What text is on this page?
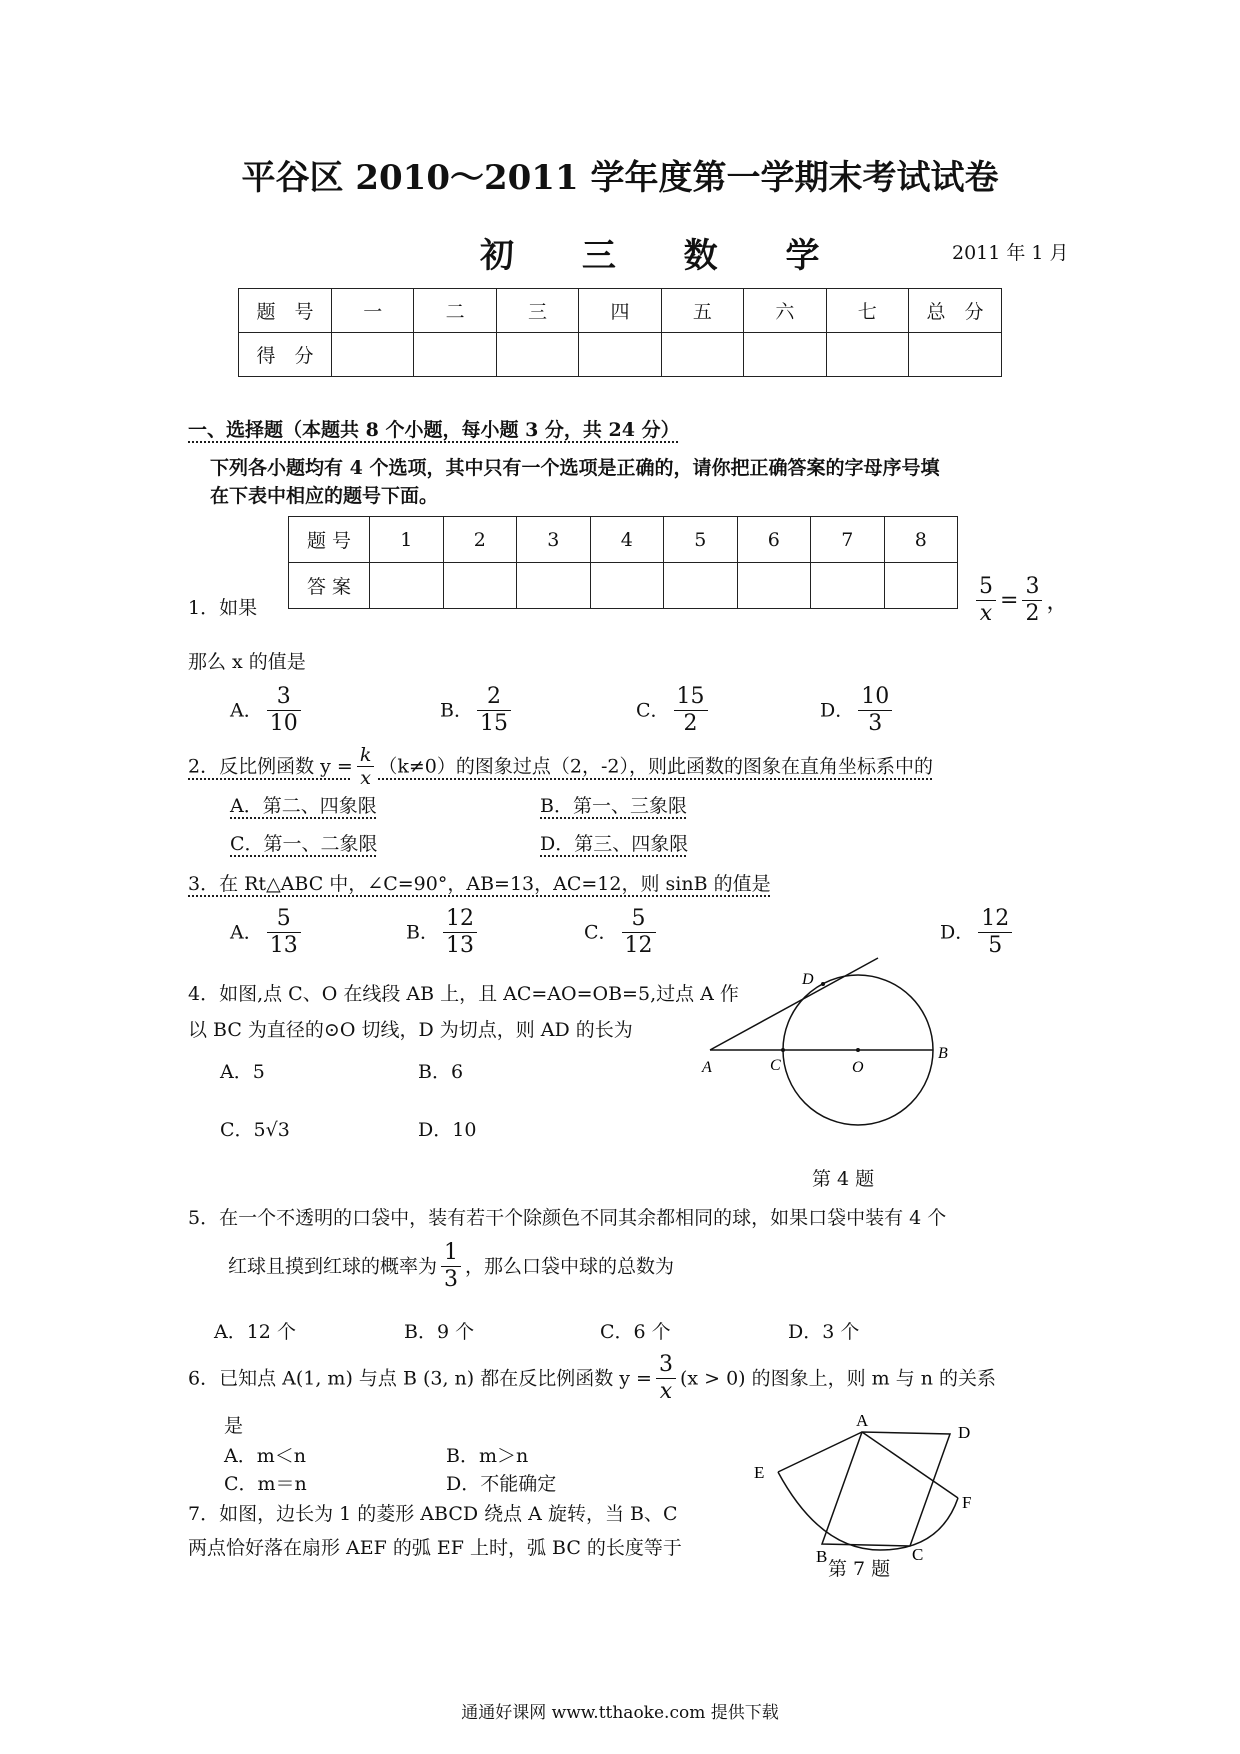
平谷区 2010～2011 学年度第一学期末考试试卷
初 三 数 学	2011 年 1 月
题　号	一	二	三	四	五	六	七	总　分
得　分								
一、选择题（本题共 8 个小题，每小题 3 分，共 24 分）
下列各小题均有 4 个选项，其中只有一个选项是正确的，请你把正确答案的字母序号填
在下表中相应的题号下面。
题 号	1	2	3	4	5	6	7	8
答 案								
1．如果	$\frac{5}{x} = \frac{3}{2}$ ，
那么 x 的值是
A． $\frac{3}{10}$	B． $\frac{2}{15}$	C． $\frac{15}{2}$	D． $\frac{10}{3}$
2．反比例函数 $y = \frac{k}{x} (k\ne 0)$的图象过点（2，-2），则此函数的图象在直角坐标系中的
A．第二、四象限	B．第一、三象限
C．第一、二象限	D．第三、四象限
3．在 Rt△ABC 中，∠C=90°，AB=13，AC=12，则 sinB 的值是
A． $\frac{5}{13}$	B． $\frac{12}{13}$	C． $\frac{5}{12}$	D． $\frac{12}{5}$
4．如图,点 C、O 在线段 AB 上，且 AC=AO=OB=5,过点 A 作
以 BC 为直径的⊙O 切线，D 为切点，则 AD 的长为
A．5	B．6
C．5√3	D．10
A	C	O
B
D
第 4 题
5．在一个不透明的口袋中，装有若干个除颜色不同其余都相同的球，如果口袋中装有 4 个
红球且摸到红球的概率为 $\frac{1}{3}$ ，那么口袋中球的总数为
A．12 个	B．9 个	C．6 个	D．3 个
6．已知点 A(1, m) 与点 B (3, n) 都在反比例函数 $y = \frac{3}{x} (x > 0)$ 的图象上，则 m 与 n 的关系
是
A．m＜n	B．m＞n
C．m＝n	D．不能确定
7．如图，边长为 1 的菱形 ABCD 绕点 A 旋转，当 B、C
两点恰好落在扇形 AEF 的弧 EF 上时，弧 BC 的长度等于
A
B	C
D
E
F
第 7 题
通通好课网 www.tthaoke.com 提供下载
